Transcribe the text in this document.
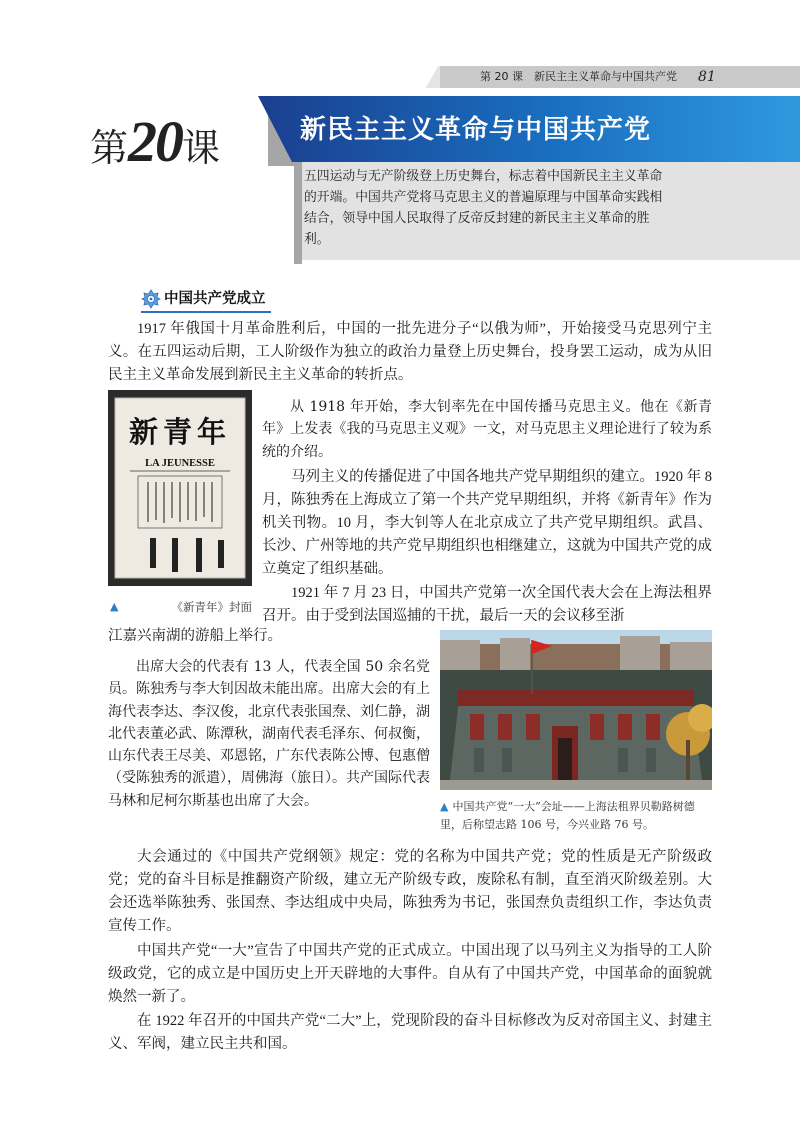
第 20 课　新民主主义革命与中国共产党 81
第20课	新民主主义革命与中国共产党
五四运动与无产阶级登上历史舞台，标志着中国新民主主义革命的开端。中国共产党将马克思主义的普遍原理与中国革命实践相结合，领导中国人民取得了反帝反封建的新民主主义革命的胜利。
中国共产党成立
1917 年俄国十月革命胜利后，中国的一批先进分子“以俄为师”，开始接受马克思列宁主义。在五四运动后期，工人阶级作为独立的政治力量登上历史舞台，投身罢工运动，成为从旧民主主义革命发展到新民主主义革命的转折点。
新青年
LA JEUNESSE
▲	《新青年》封面
从 1918 年开始，李大钊率先在中国传播马克思主义。他在《新青年》上发表《我的马克思主义观》一文，对马克思主义理论进行了较为系统的介绍。
马列主义的传播促进了中国各地共产党早期组织的建立。1920 年 8 月，陈独秀在上海成立了第一个共产党早期组织，并将《新青年》作为机关刊物。10 月，李大钊等人在北京成立了共产党早期组织。武昌、长沙、广州等地的共产党早期组织也相继建立，这就为中国共产党的成立奠定了组织基础。
1921 年 7 月 23 日，中国共产党第一次全国代表大会在上海法租界召开。由于受到法国巡捕的干扰，最后一天的会议移至浙
江嘉兴南湖的游船上举行。
出席大会的代表有 13 人，代表全国 50 余名党员。陈独秀与李大钊因故未能出席。出席大会的有上海代表李达、李汉俊，北京代表张国焘、刘仁静，湖北代表董必武、陈潭秋，湖南代表毛泽东、何叔衡，山东代表王尽美、邓恩铭，广东代表陈公博、包惠僧（受陈独秀的派遣），周佛海（旅日）。共产国际代表马林和尼柯尔斯基也出席了大会。	▲ 中国共产党“一大”会址——上海法租界贝勒路树德里，后称望志路 106 号，今兴业路 76 号。
大会通过的《中国共产党纲领》规定：党的名称为中国共产党；党的性质是无产阶级政党；党的奋斗目标是推翻资产阶级，建立无产阶级专政，废除私有制，直至消灭阶级差别。大会还选举陈独秀、张国焘、李达组成中央局，陈独秀为书记，张国焘负责组织工作，李达负责宣传工作。
中国共产党“一大”宣告了中国共产党的正式成立。中国出现了以马列主义为指导的工人阶级政党，它的成立是中国历史上开天辟地的大事件。自从有了中国共产党，中国革命的面貌就焕然一新了。
在 1922 年召开的中国共产党“二大”上，党现阶段的奋斗目标修改为反对帝国主义、封建主义、军阀，建立民主共和国。
